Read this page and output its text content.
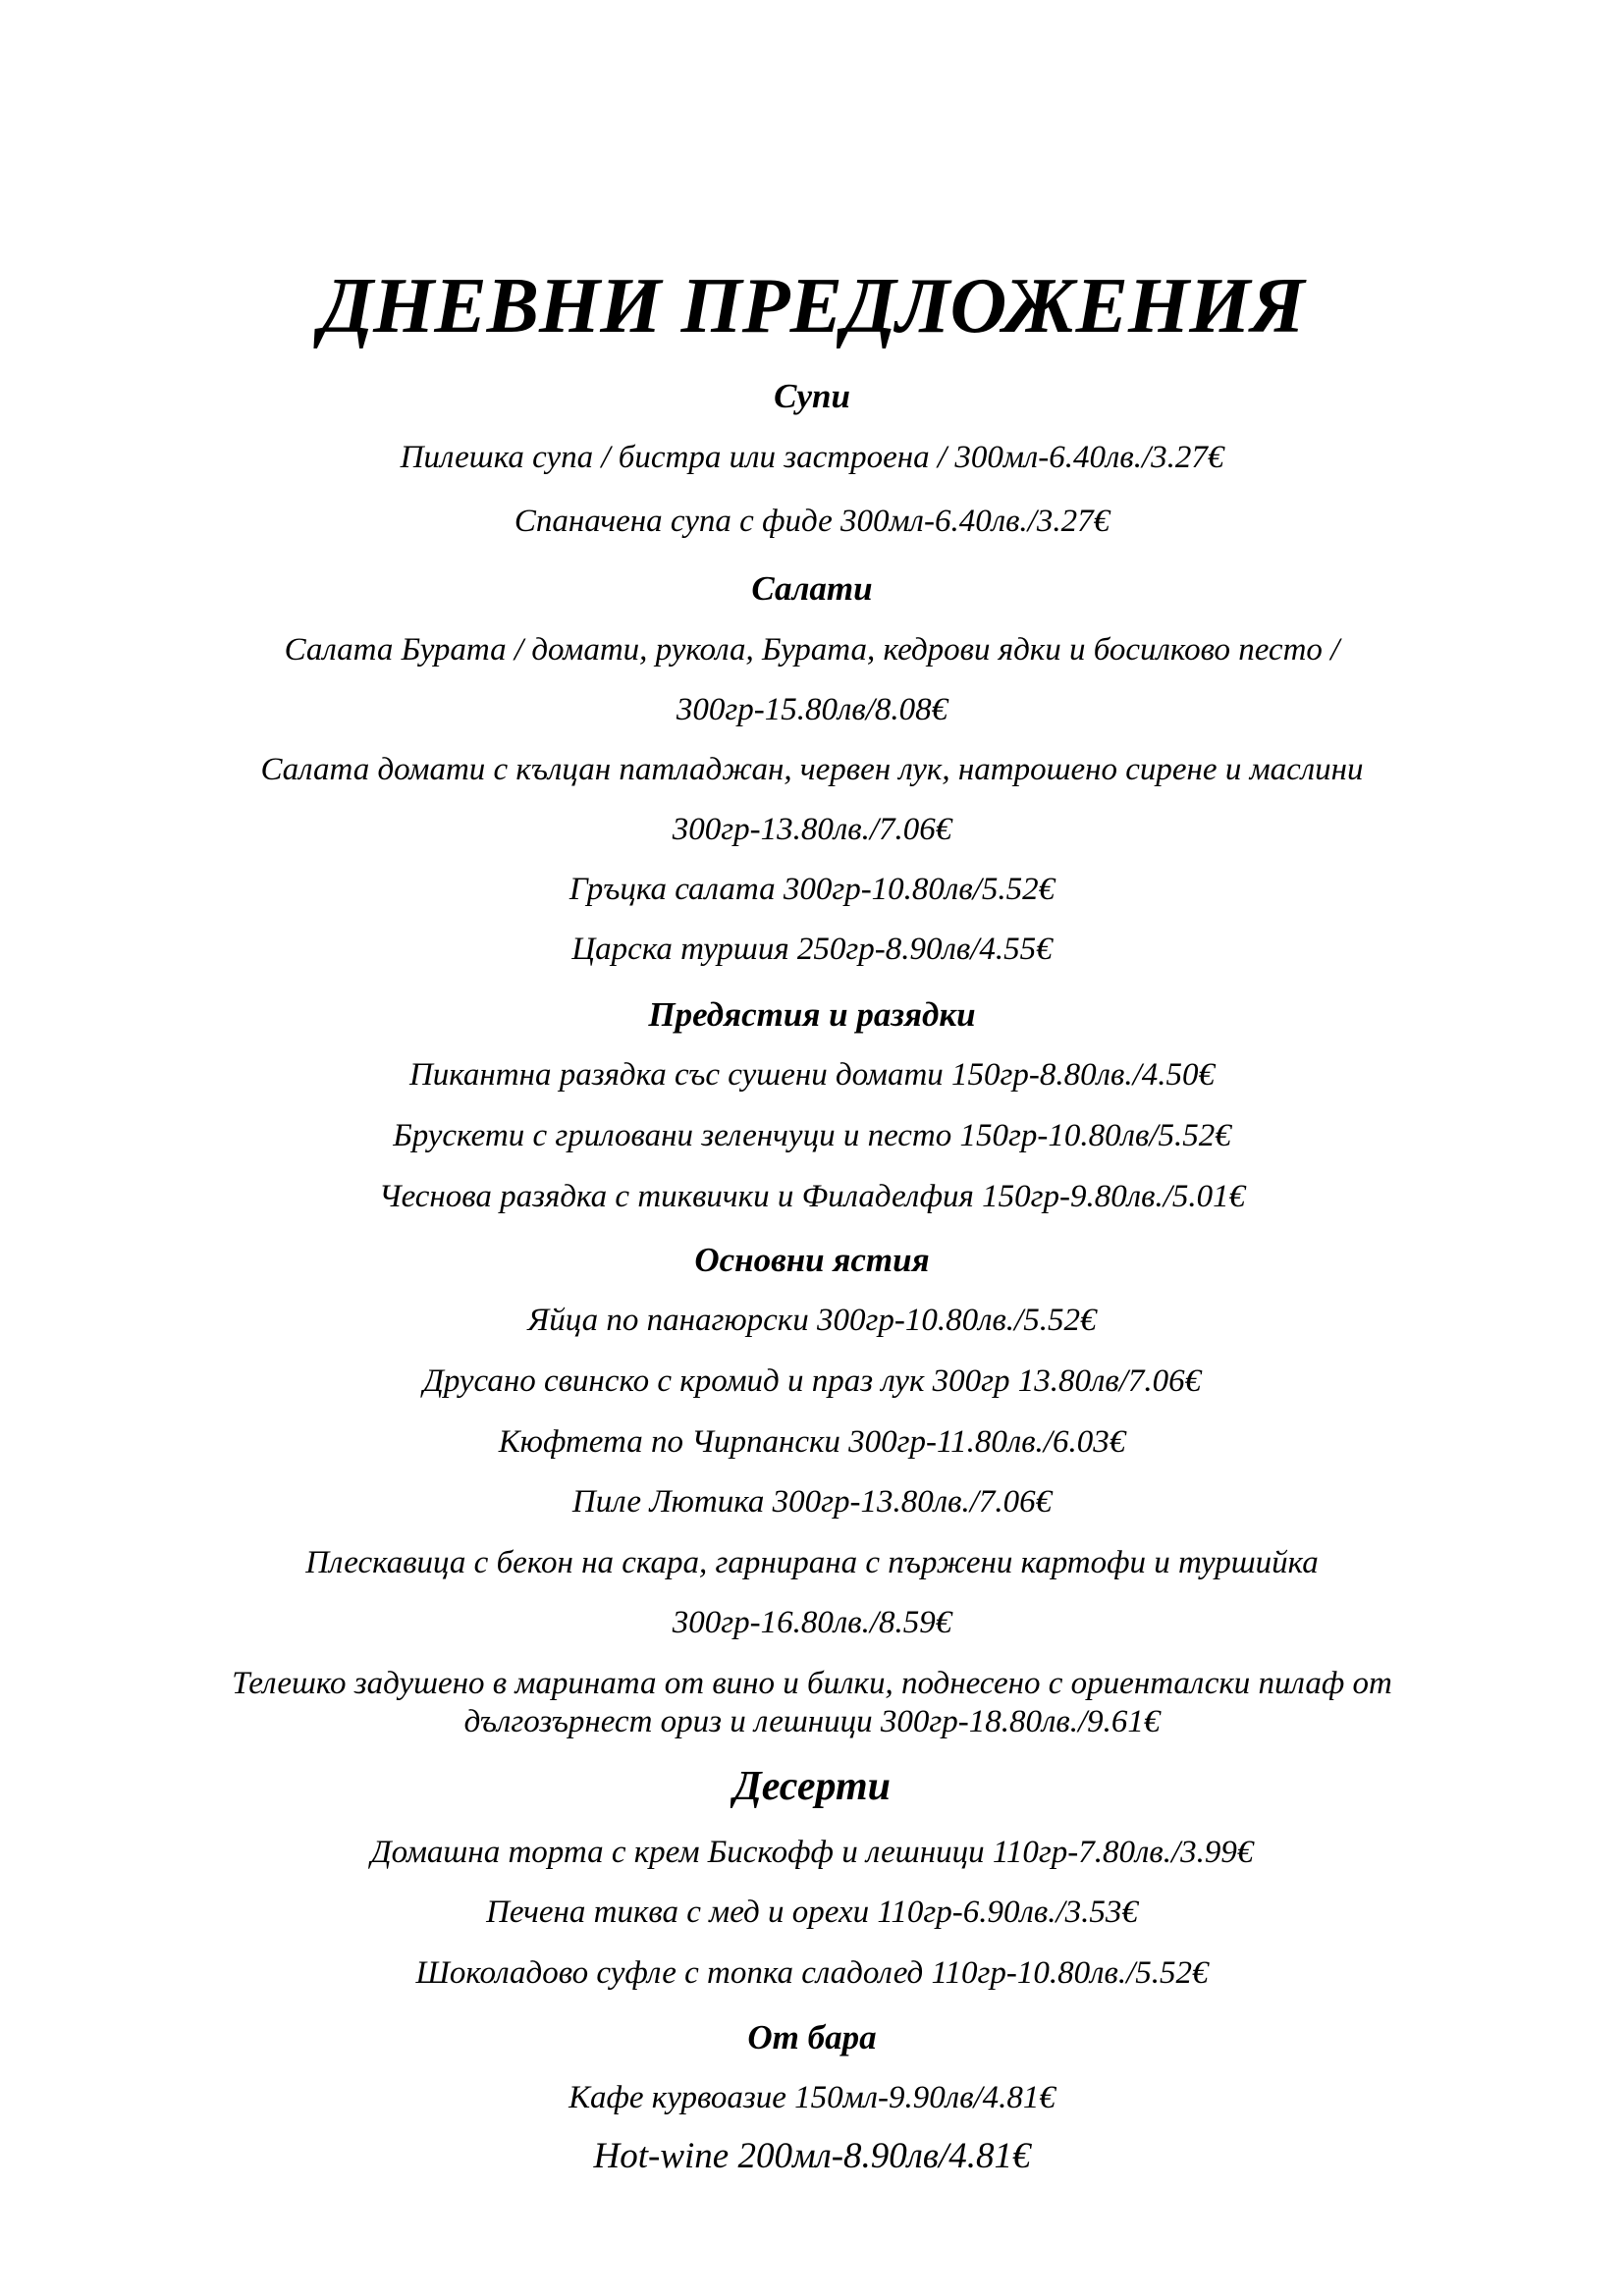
ДНЕВНИ ПРЕДЛОЖЕНИЯ
Супи
Пилешка супа / бистра или застроена / 300мл-6.40лв./3.27€
Спаначена супа с фиде 300мл-6.40лв./3.27€
Салати
Салата Бурата / домати, рукола, Бурата, кедрови ядки и босилково песто /
300гр-15.80лв/8.08€
Салата домати с кълцан патладжан, червен лук, натрошено сирене и маслини
300гр-13.80лв./7.06€
Гръцка салата 300гр-10.80лв/5.52€
Царска туршия 250гр-8.90лв/4.55€
Предястия и разядки
Пикантна разядка със сушени домати 150гр-8.80лв./4.50€
Брускети с гриловани зеленчуци и песто 150гр-10.80лв/5.52€
Чеснова разядка с тиквички и Филаделфия 150гр-9.80лв./5.01€
Основни ястия
Яйца по панагюрски 300гр-10.80лв./5.52€
Друсано свинско с кромид и праз лук 300гр 13.80лв/7.06€
Кюфтета по Чирпански 300гр-11.80лв./6.03€
Пиле Лютика 300гр-13.80лв./7.06€
Плескавица с бекон на скара, гарнирана с пържени картофи и туршийка
300гр-16.80лв./8.59€
Телешко задушено в марината от вино и билки, поднесено с ориенталски пилаф от
дългозърнест ориз и лешници 300гр-18.80лв./9.61€
Десерти
Домашна торта с крем Бискофф и лешници 110гр-7.80лв./3.99€
Печена тиква с мед и орехи 110гр-6.90лв./3.53€
Шоколадово суфле с топка сладолед 110гр-10.80лв./5.52€
От бара
Кафе курвоазие 150мл-9.90лв/4.81€
Hot-wine 200мл-8.90лв/4.81€
